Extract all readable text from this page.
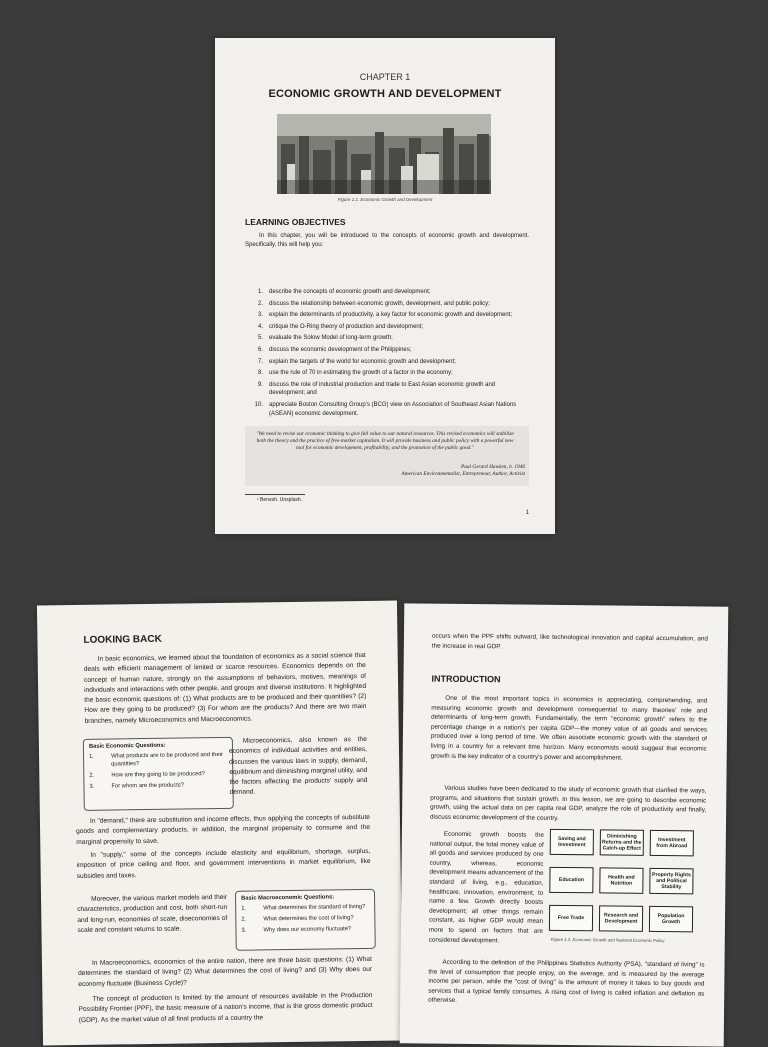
CHAPTER 1
ECONOMIC GROWTH AND DEVELOPMENT
Figure 1.1. Economic Growth and Development
LEARNING OBJECTIVES

In this chapter, you will be introduced to the concepts of economic growth and development. Specifically, this will help you:

1. describe the concepts of economic growth and development;
2. discuss the relationship between economic growth, development, and public policy;
3. explain the determinants of productivity, a key factor for economic growth and development;
4. critique the O-Ring theory of production and development;
5. evaluate the Solow Model of long-term growth;
6. discuss the economic development of the Philippines;
7. explain the targets of the world for economic growth and development;
8. use the rule of 70 in estimating the growth of a factor in the economy;
9. discuss the role of industrial production and trade to East Asian economic growth and development; and
10. appreciate Boston Consulting Group's (BCG) view on Association of Southeast Asian Nations (ASEAN) economic development.
"We need to revise our economic thinking to give full value to our natural resources. This revised economics will stabilize both the theory and the practice of free-market capitalism. It will provide business and public policy with a powerful new tool for economic development, profitability, and the promotion of the public good."
Paul Gerard Hawken, b. 1946
American Environmentalist, Entrepreneur, Author, Activist
¹ Benesh. Unsplash.
1
LOOKING BACK

In basic economics, we learned about the foundation of economics as a social science that deals with efficient management of limited or scarce resources. Economics depends on the concept of human nature, strongly on the assumptions of behaviors, motives, meanings of individuals and interactions with other people, and groups and diverse institutions. It highlighted the basic economic questions of: (1) What products are to be produced and their quantities? (2) How are they going to be produced? (3) For whom are the products? And there are two main branches, namely Microeconomics and Macroeconomics.

Basic Economic Questions:
1.	What products are to be produced and their quantities?
2.	How are they going to be produced?
3.	For whom are the products?

Microeconomics, also known as the economics of individual activities and entities, discusses the various laws in supply, demand, equilibrium and diminishing marginal utility, and the factors affecting the products' supply and demand.

In "demand," there are substitution and income effects, thus applying the concepts of substitute goods and complementary products, in addition, the marginal propensity to consume and the marginal propensity to save.

In "supply," some of the concepts include elasticity and equilibrium, shortage, surplus, imposition of price ceiling and floor, and government interventions in market equilibrium, like subsidies and taxes.

Moreover, the various market models and their characteristics, production and cost, both short-run and long-run, economies of scale, diseconomies of scale and constant returns to scale.

Basic Macroeconomic Questions:
1.	What determines the standard of living?
2.	What determines the cost of living?
3.	Why does our economy fluctuate?

In Macroeconomics, economics of the entire nation, there are three basic questions: (1) What determines the standard of living? (2) What determines the cost of living? and (3) Why does our economy fluctuate (Business Cycle)?

The concept of production is limited by the amount of resources available in the Production Possibility Frontier (PPF), the basic measure of a nation's income, that is the gross domestic product (GDP). As the market value of all final products of a country the

occurs when the PPF shifts outward, like technological innovation and capital accumulation, and the increase in real GDP.

INTRODUCTION

One of the most important topics in economics is appreciating, comprehending, and measuring economic growth and development consequential to many theories' role and determinants of long-term growth. Fundamentally, the term "economic growth" refers to the percentage change in a nation's per capita GDP—the money value of all goods and services produced over a long period of time. We often associate economic growth with the standard of living in a country for a relevant time horizon. Many economists would suggest that economic growth is the key indicator of a country's power and accomplishment.

Various studies have been dedicated to the study of economic growth that clarified the ways, programs, and situations that sustain growth. In this lesson, we are going to describe economic growth, using the actual data on per capita real GDP, analyze the role of productivity and finally, discuss economic development of the country.

Economic growth boosts the national output, the total money value of all goods and services produced by one country, whereas, economic development means advancement of the standard of living, e.g., education, healthcare, innovation, environment, to name a few. Growth directly boosts development; all other things remain constant, as higher GDP would mean more to spend on factors that are considered development.

Saving and Investment
Diminishing Returns and the Catch-up Effect
Investment from Abroad
Education	Health and Nutrition
Property Rights and Political Stability
Free Trade	Research and Development
Population Growth
Figure 1.2. Economic Growth and National Economic Policy

According to the definition of the Philippines Statistics Authority (PSA), "standard of living" is the level of consumption that people enjoy, on the average, and is measured by the average income per person, while the "cost of living" is the amount of money it takes to buy goods and services that a typical family consumes. A rising cost of living is called inflation and deflation as otherwise.
